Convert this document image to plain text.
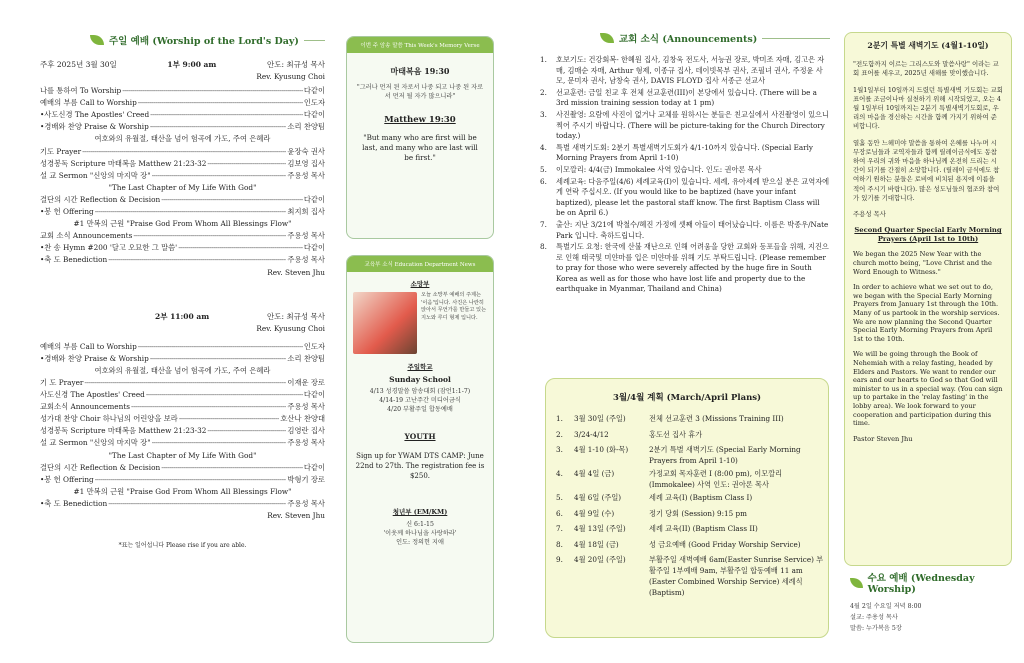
주일 예배 (Worship of the Lord's Day)
주후 2025년 3월 30일	1부 9:00 am	안도: 최규성 목사
Rev. Kyusung Choi
나를 통하여 To Worship -----	다같이
예배의 부름 Call to Worship -----	인도자
•사도신경 The Apostles' Creed -----	다같이
•경배와 찬양 Praise & Worship -----	소리 찬양팀
여호와의 유월절, 태산을 넘어 험곡에 가도, 주여 은혜라
기도 Prayer -----	윤장숙 권사
성경봉독 Scripture 마태복음 Matthew 21:23-32 -----	김보영 집사
설 교 Sermon "신앙의 마지막 장" -----	주용성 목사
"The Last Chapter of My Life With God"
결단의 시간 Reflection & Decision -----	다같이
•봉 헌 Offering -----	최지희 집사
#1 만복의 근원 "Praise God From Whom All Blessings Flow"
교회 소식 Announcements -----	주용성 목사
•찬 송 Hymn #200 '달고 오묘한 그 말씀' -----	다같이
•축 도 Benediction -----	주용성 목사
Rev. Steven Jhu
2부 11:00 am	안도: 최규성 목사
Rev. Kyusung Choi
예배의 부름 Call to Worship -----	인도자
•경배와 찬양 Praise & Worship -----	소리 찬양팀
여호와의 유월절, 태산을 넘어 험곡에 가도, 주여 은혜라
기 도 Prayer -----	이재운 장로
사도신경 The Apostles' Creed -----	다같이
교회소식 Announcements -----	주용성 목사
성가대 찬양 Choir 하나님의 어린양을 보라 -----	호산나 찬양대
성경봉독 Scripture 마태복음 Matthew 21:23-32 -----	김영란 집사
설 교 Sermon "신앙의 마지막 장" -----	주용성 목사
"The Last Chapter of My Life With God"
결단의 시간 Reflection & Decision -----	다같이
•봉 헌 Offering -----	박형기 장로
#1 만복의 근원 "Praise God From Whom All Blessings Flow"
•축 도 Benediction -----	주용성 목사
Rev. Steven Jhu
*표는 일어섭니다 Please rise if you are able.
이번 주 암송 말씀 This Week's Memory Verse
마태복음 19:30
"그러나 먼저 된 자로서 나중 되고 나중 된 자로서 먼저 될 자가 많으니라"
Matthew 19:30
"But many who are first will be last, and many who are last will be first."
교육부 소식 Education Department News
소망부
오늘 소망부 예배의 주제는 '이음'입니다. 사진은 나란히 앉아서 무언가를 만들고 있는 지노와 루디 형제 입니다.
주일학교
Sunday School
4/13 성경말씀 암송대회 (잠언1:1-7)
4/14-19 고난주간 미디어금식
4/20 부활주일 합동예배
YOUTH
Sign up for YWAM DTS CAMP: June 22nd to 27th. The registration fee is $250.
청년부 (EM/KM)
신 6:1-15
'이웃께 하나님을 사랑하라'
인도: 정의헌 지애
교회 소식 (Announcements)
1.	호보기도: 건강회복- 한혜원 집사, 김창욱 전도사, 서능권 장로, 박미조 자매, 김고은 자매, 김매순 자매, Arthur 형제, 이종규 집사, 데이빗목부 권사, 조필녀 권사, 주정윤 사모, 문미자 권사, 남창숙 권사, DAVIS FLOYD 집사 서종근 선교사
2.	선교훈련: 금일 친교 후 전체 선교훈련(III)이 본당에서 있습니다. (There will be a 3rd mission training session today at 1 pm)
3.	사진촬영: 요람에 사진이 없거나 교체를 원하시는 분들은 친교실에서 사진촬영이 있으니 찍어 주시기 바랍니다. (There will be picture-taking for the Church Directory today.)
4.	특별 새벽기도회: 2분기 특별새벽기도회가 4/1-10까지 있습니다. (Special Early Morning Prayers from April 1-10)
5.	이모깔리: 4/4(금) Immokalee 사역 있습니다. 인도: 권아론 목사
6.	세례교육: 다음주일(4/6) 세례교육(I)이 있습니다. 세례, 유아세례 받으실 분은 교역자에게 연락 주십시오. (If you would like to be baptized (have your infant baptized), please let the pastoral staff know. The first Baptism Class will be on April 6.)
7.	출산: 지난 3/21에 박철수/혜진 가정에 셋째 아들이 태어났습니다. 이름은 박종우/Nate Park 입니다. 축하드립니다.
8.	특별기도 요청: 한국에 산불 재난으로 인해 어려움을 당한 교회와 동포들을 위해, 지진으로 인해 태국및 미얀마를 입은 미얀마를 위해 기도 부탁드립니다. (Please remember to pray for those who were severely affected by the huge fire in South Korea as well as for those who have lost life and property due to the earthquake in Myanmar, Thailand and China)
3월/4월 계획 (March/April Plans)
1.	3월 30일 (주일)	전체 선교훈련 3 (Missions Training III)
2.	3/24-4/12	홍도선 집사 휴가
3.	4월 1-10 (화-목)	2분기 특별 새벽기도 (Special Early Morning Prayers from April 1-10)
4.	4월 4일 (금)	가정교회 목자훈련 I (8:00 pm), 이모깔리 (Immokalee) 사역 인도: 권아론 목사
5.	4월 6일 (주일)	세례 교육(I) (Baptism Class I)
6.	4월 9일 (수)	정기 당회 (Session) 9:15 pm
7.	4월 13일 (주일)	세례 교육(II) (Baptism Class II)
8.	4월 18일 (금)	성 금요예배 (Good Friday Worship Service)
9.	4월 20일 (주일)	부활주일 새벽예배 6am(Easter Sunrise Service) 부활주일 1부예배 9am, 부활주일 합동예배 11 am (Easter Combined Worship Service) 세례식 (Baptism)
2분기 특별 새벽기도 (4월1-10일)

"전도함까지 이르는 그리스도와 말씀사랑" 이라는 교회 표어를 세우고, 2025년 새해를 맞이했습니다.

1월1일부터 10일까지 드렸던 특별새벽 기도회는 교회 표어를 조금이나마 실천하기 위해 시작되었고, 오는 4월 1일부터 10일까지는 2분기 특별새벽기도회로, 우리의 마음을 경신하는 시간을 함께 가지기 위하여 준비합니다.

열흘 동안 느헤미야 말씀을 통하여 은혜를 나누며 시무장로님들과 교역자들과 함께 릴레이금식에도 동참하여 우리의 귀와 마음을 하나님께 온전히 드리는 시간이 되기를 간절히 소망합니다. (릴레이 금식에도 참여하기 원하는 분들은 로비에 비치된 용지에 이름을 적어 주시기 바랍니다). 많은 성도님들의 협조와 참여가 있기를 기대합니다.

주용성 목사

Second Quarter Special Early Morning Prayers (April 1st to 10th)

We began the 2025 New Year with the church motto being, "Love Christ and the Word Enough to Witness."

In order to achieve what we set out to do, we began with the Special Early Morning Prayers from January 1st through the 10th. Many of us partook in the worship services. We are now planning the Second Quarter Special Early Morning Prayers from April 1st to the 10th.

We will be going through the Book of Nehemiah with a relay fasting, headed by Elders and Pastors. We want to render our ears and our hearts to God so that God will minister to us in a special way. (You can sign up to partake in the 'relay fasting' in the lobby area). We look forward to your cooperation and participation during this time.

Pastor Steven Jhu

수요 예배 (Wednesday Worship)
4월 2일 수요일 저녁 8:00
설교: 주용성 목사
말씀: 누가복음 5장
